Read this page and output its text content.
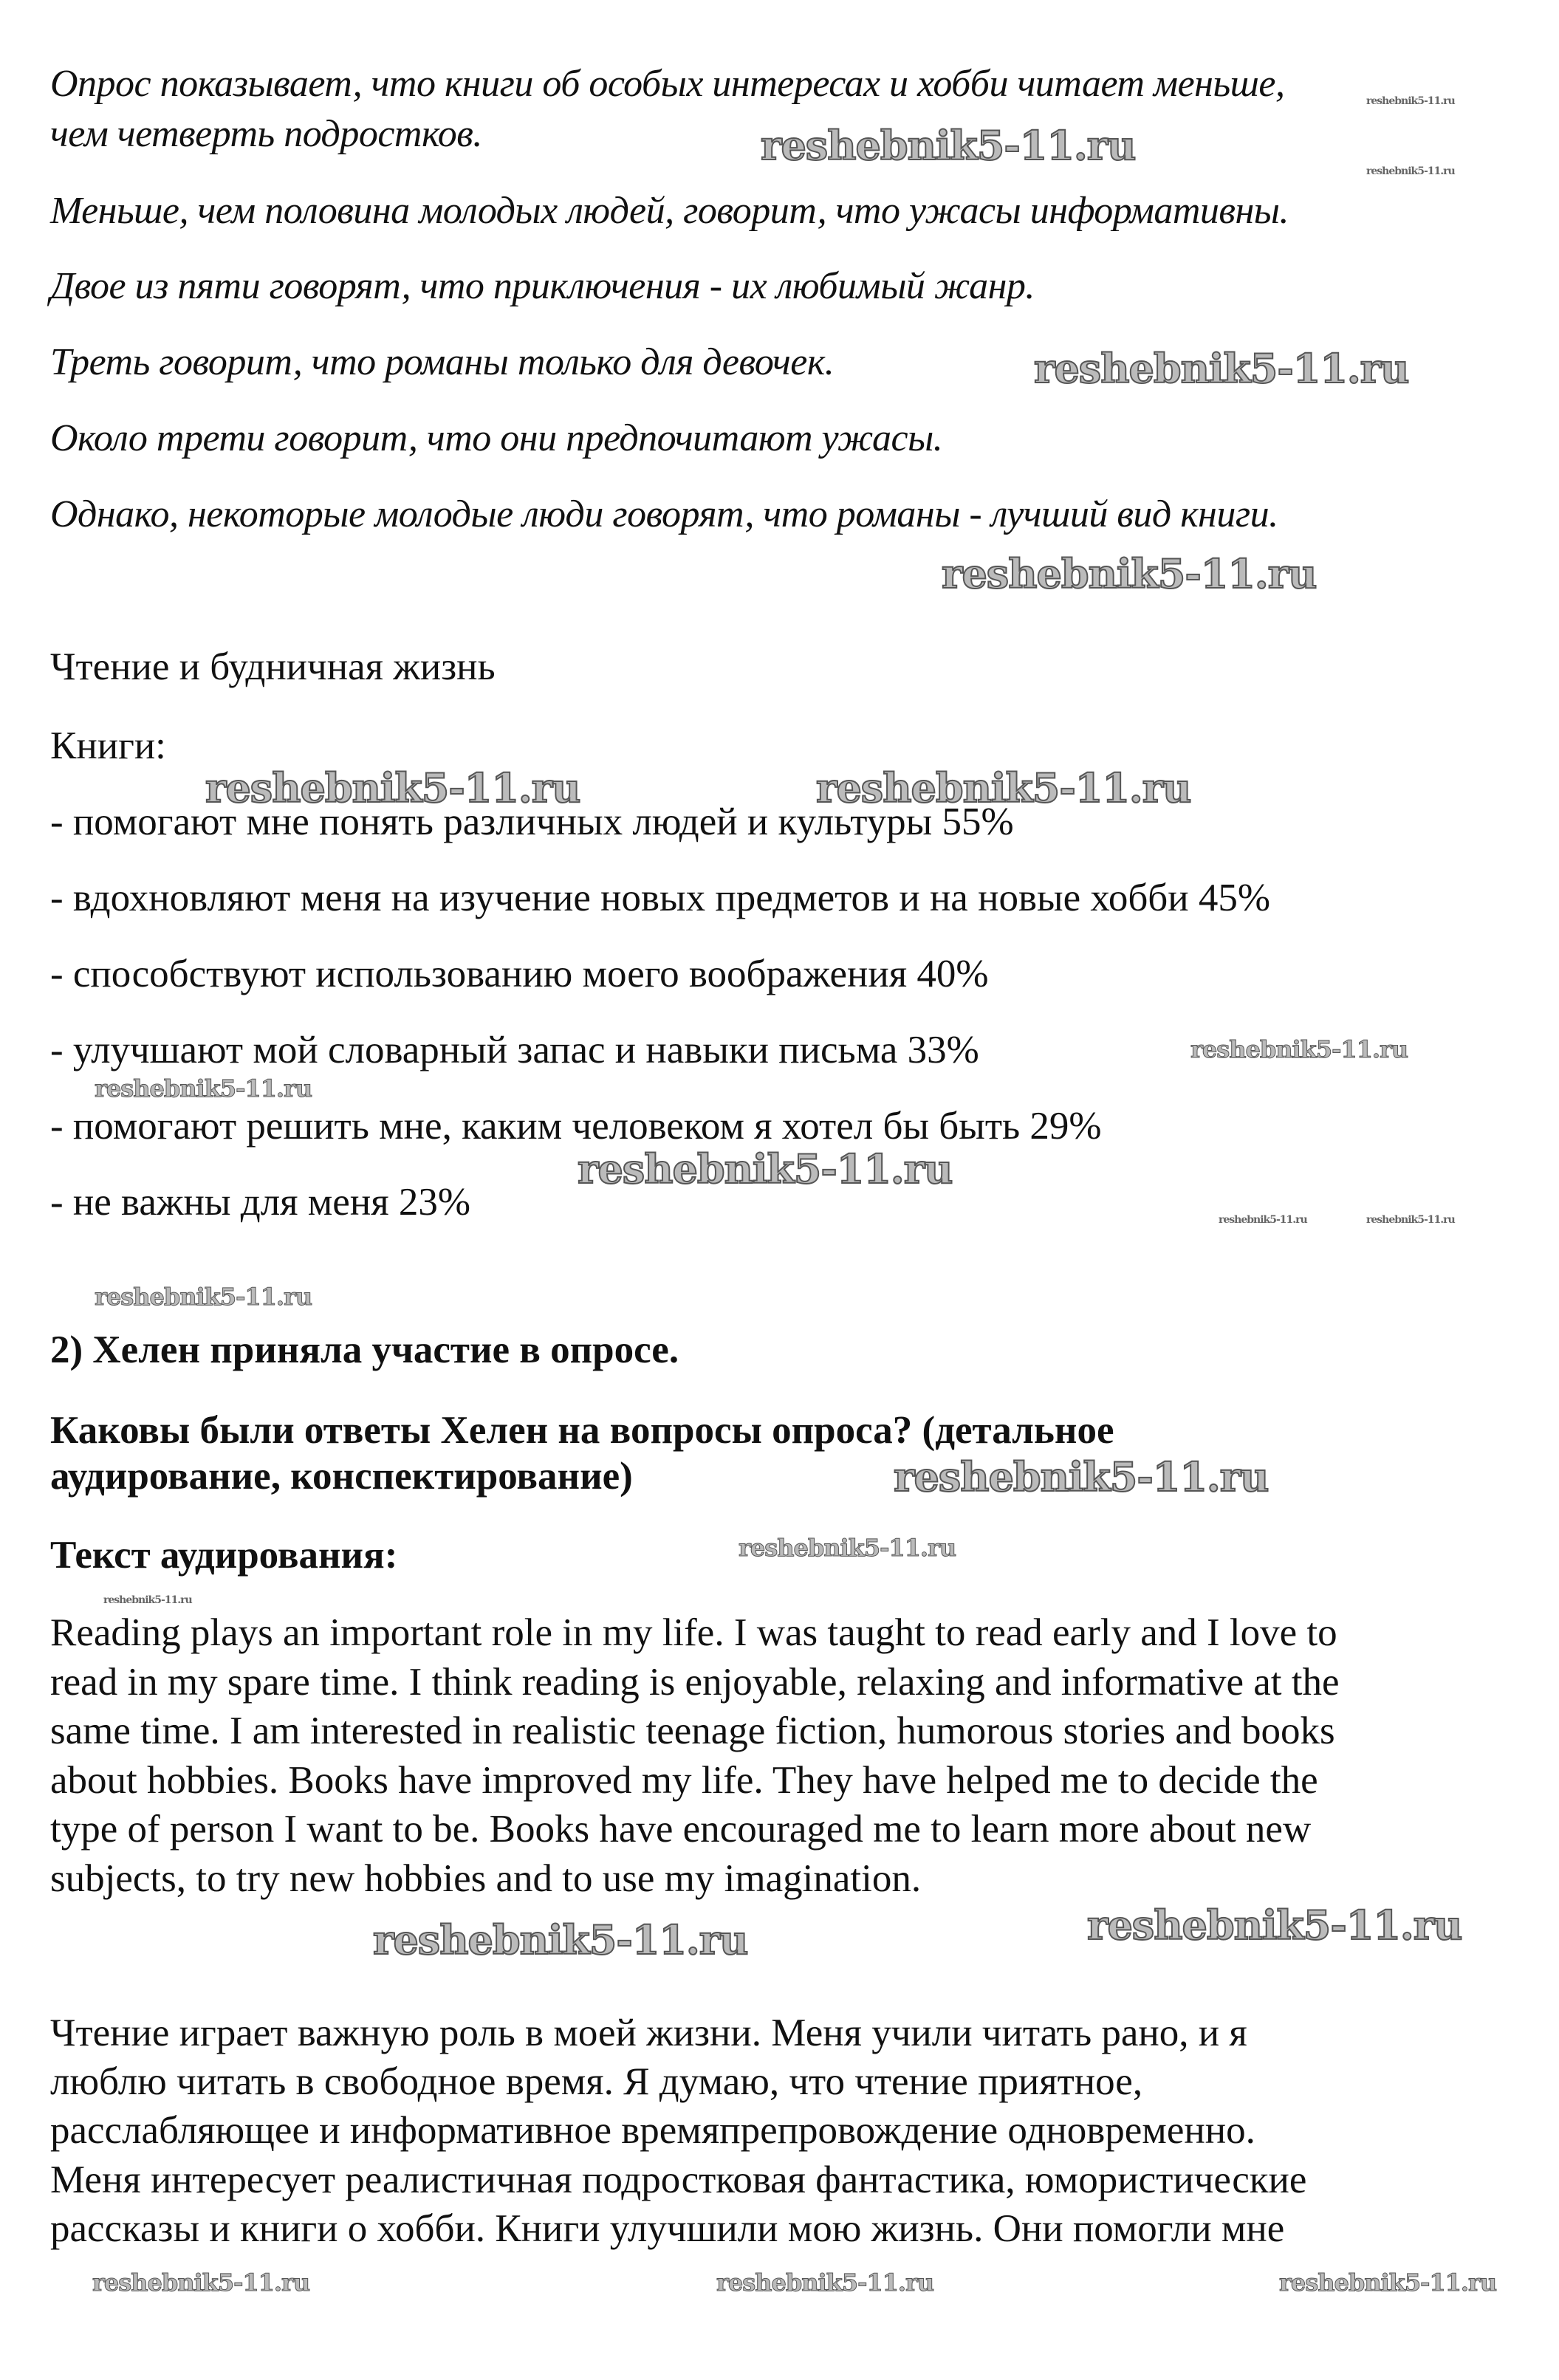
Опрос показывает, что книги об особых интересах и хобби читает меньше,
чем четверть подростков.
Меньше, чем половина молодых людей, говорит, что ужасы информативны.
Двое из пяти говорят, что приключения - их любимый жанр.
Треть говорит, что романы только для девочек.
Около трети говорит, что они предпочитают ужасы.
Однако, некоторые молодые люди говорят, что романы - лучший вид книги.
Чтение и будничная жизнь
Книги:
- помогают мне понять различных людей и культуры 55%
- вдохновляют меня на изучение новых предметов и на новые хобби 45%
- способствуют использованию моего воображения 40%
- улучшают мой словарный запас и навыки письма 33%
- помогают решить мне, каким человеком я хотел бы быть 29%
- не важны для меня 23%
2) Хелен приняла участие в опросе.
Каковы были ответы Хелен на вопросы опроса? (детальное
аудирование, конспектирование)
Текст аудирования:
Reading plays an important role in my life. I was taught to read early and I love to
read in my spare time. I think reading is enjoyable, relaxing and informative at the
same time. I am interested in realistic teenage fiction, humorous stories and books
about hobbies. Books have improved my life. They have helped me to decide the
type of person I want to be. Books have encouraged me to learn more about new
subjects, to try new hobbies and to use my imagination.
Чтение играет важную роль в моей жизни. Меня учили читать рано, и я
люблю читать в свободное время. Я думаю, что чтение приятное,
расслабляющее и информативное времяпрепровождение одновременно.
Меня интересует реалистичная подростковая фантастика, юмористические
рассказы и книги о хобби. Книги улучшили мою жизнь. Они помогли мне
reshebnik5-11.ru
reshebnik5-11.ru
reshebnik5-11.ru
reshebnik5-11.ru	reshebnik5-11.ru
reshebnik5-11.ru
reshebnik5-11.ru
reshebnik5-11.ru
reshebnik5-11.ru
reshebnik5-11.ru
reshebnik5-11.ru
reshebnik5-11.ru
reshebnik5-11.ru
reshebnik5-11.ru
reshebnik5-11.ru
reshebnik5-11.ru
reshebnik5-11.ru	reshebnik5-11.ru
reshebnik5-11.ru
reshebnik5-11.ru	reshebnik5-11.ru
